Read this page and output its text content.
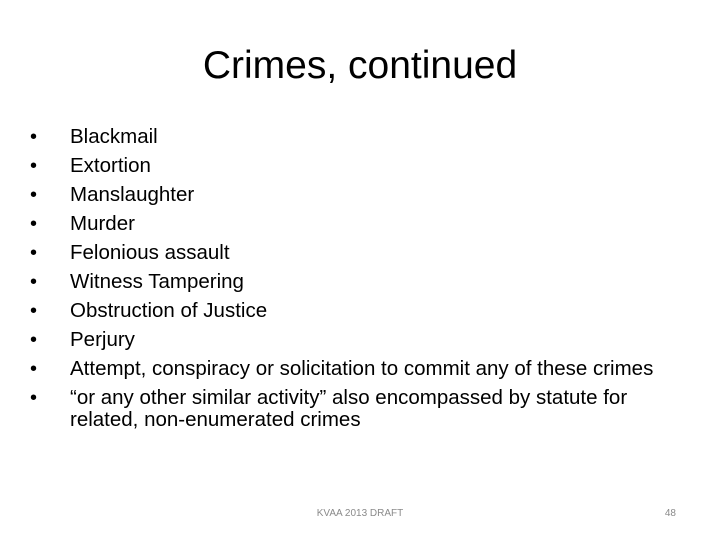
Crimes, continued
•	Blackmail
•	Extortion
•	Manslaughter
•	Murder
•	Felonious assault
•	Witness Tampering
•	Obstruction of Justice
•	Perjury
•	Attempt, conspiracy or solicitation to commit any of these crimes
•	“or any other similar activity” also encompassed by statute for related, non-enumerated crimes
KVAA 2013 DRAFT	48
